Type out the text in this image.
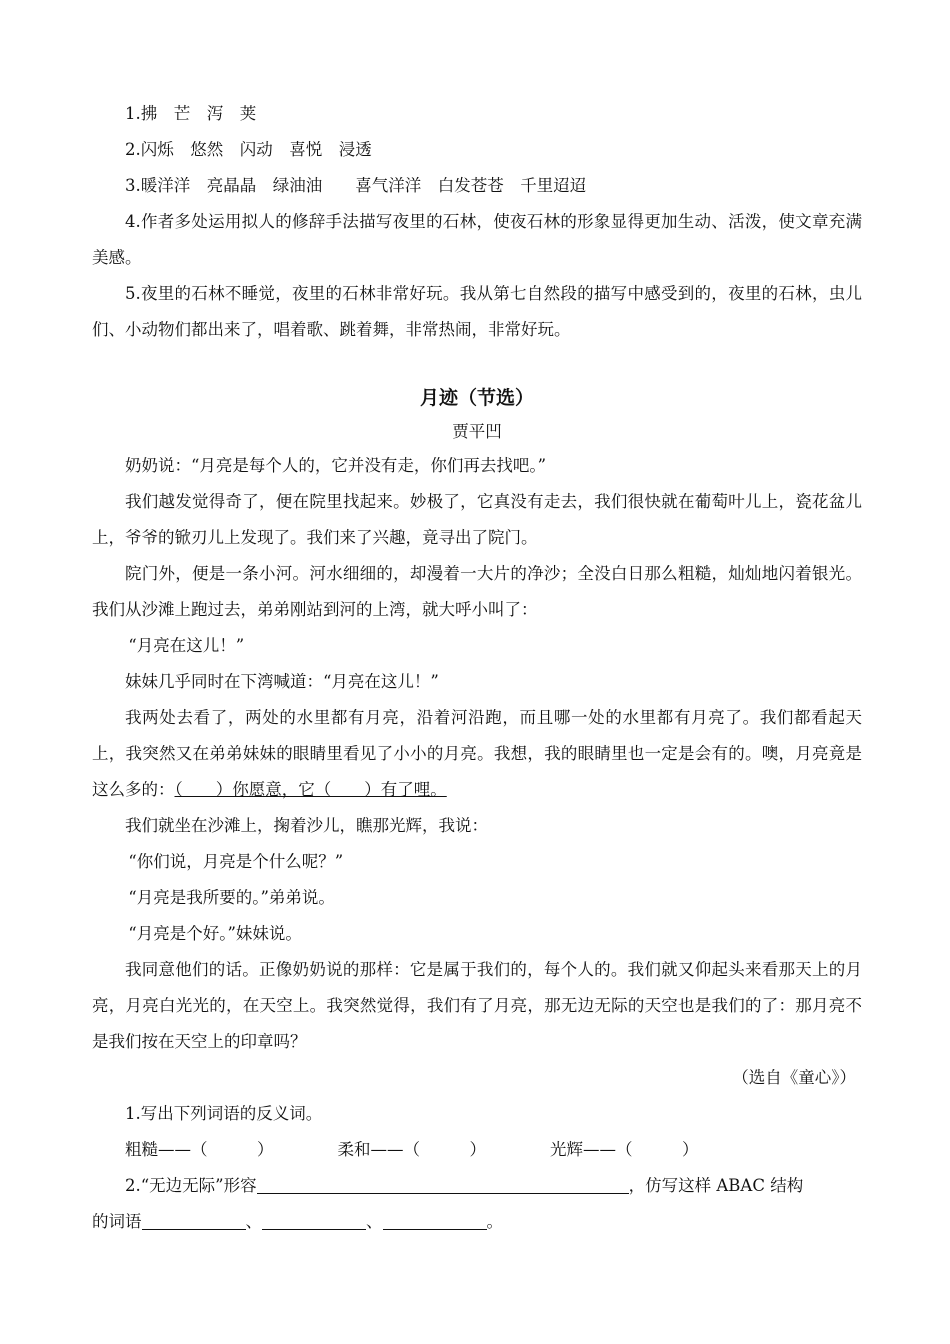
1.拂　芒　泻　荚

2.闪烁　悠然　闪动　喜悦　浸透

3.暖洋洋　亮晶晶　绿油油　　喜气洋洋　白发苍苍　千里迢迢

4.作者多处运用拟人的修辞手法描写夜里的石林，使夜石林的形象显得更加生动、活泼，使文章充满美感。

5.夜里的石林不睡觉，夜里的石林非常好玩。我从第七自然段的描写中感受到的，夜里的石林，虫儿们、小动物们都出来了，唱着歌、跳着舞，非常热闹，非常好玩。

月迹（节选）

贾平凹

奶奶说：“月亮是每个人的，它并没有走，你们再去找吧。”

我们越发觉得奇了，便在院里找起来。妙极了，它真没有走去，我们很快就在葡萄叶儿上，瓷花盆儿上，爷爷的锨刃儿上发现了。我们来了兴趣，竟寻出了院门。

院门外，便是一条小河。河水细细的，却漫着一大片的净沙；全没白日那么粗糙，灿灿地闪着银光。我们从沙滩上跑过去，弟弟刚站到河的上湾，就大呼小叫了：

“月亮在这儿！”

妹妹几乎同时在下湾喊道：“月亮在这儿！”

我两处去看了，两处的水里都有月亮，沿着河沿跑，而且哪一处的水里都有月亮了。我们都看起天上，我突然又在弟弟妹妹的眼睛里看见了小小的月亮。我想，我的眼睛里也一定是会有的。噢，月亮竟是这么多的：（　　）你愿意，它（　　）有了哩。

我们就坐在沙滩上，掬着沙儿，瞧那光辉，我说：

“你们说，月亮是个什么呢？”

“月亮是我所要的。”弟弟说。

“月亮是个好。”妹妹说。

我同意他们的话。正像奶奶说的那样：它是属于我们的，每个人的。我们就又仰起头来看那天上的月亮，月亮白光光的，在天空上。我突然觉得，我们有了月亮，那无边无际的天空也是我们的了：那月亮不是我们按在天空上的印章吗？

（选自《童心》）

1.写出下列词语的反义词。

粗糙——（　　　）	柔和——（　　　）	光辉——（　　　）

2.“无边无际”形容	，仿写这样 ABAC 结构

的词语	、	、	。
